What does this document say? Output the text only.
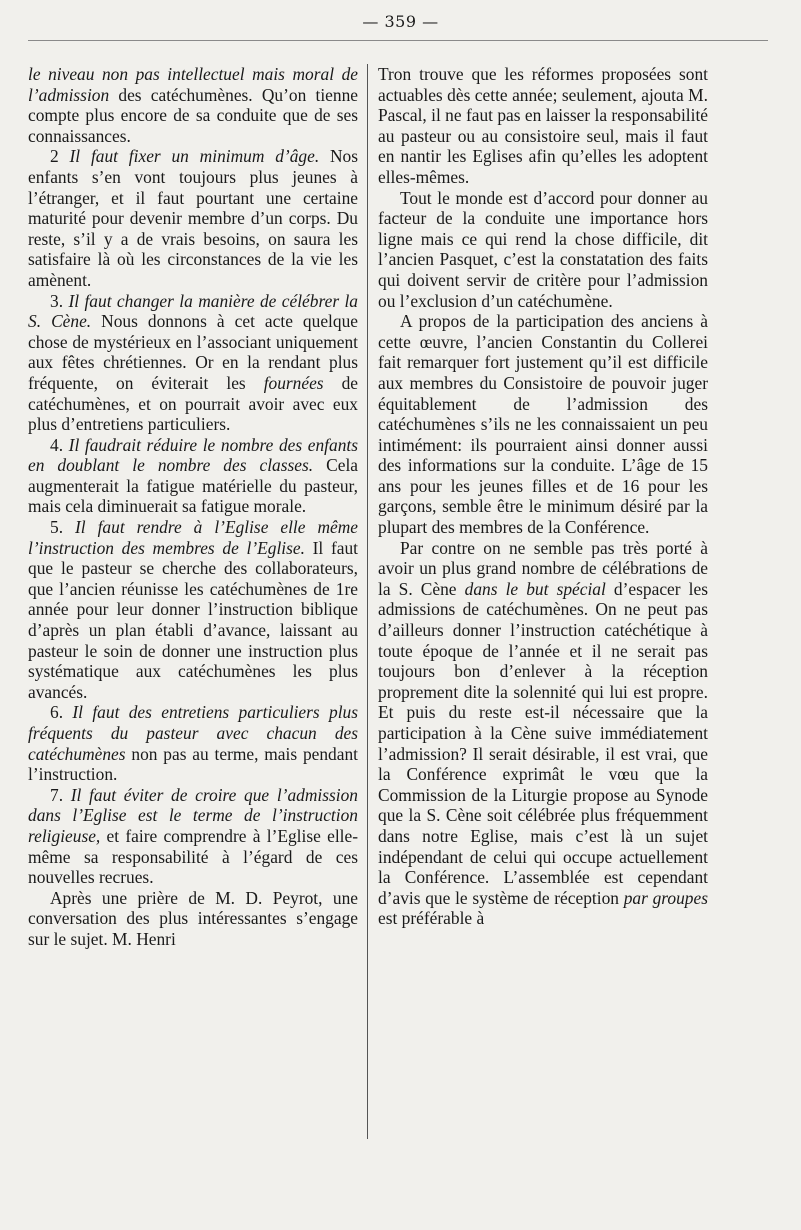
— 359 —

le niveau non pas intellectuel mais moral de l’admission des catéchumènes. Qu’on tienne compte plus encore de sa conduite que de ses connaissances.

2 Il faut fixer un minimum d’âge. Nos enfants s’en vont toujours plus jeunes à l’étranger, et il faut pourtant une certaine maturité pour devenir membre d’un corps. Du reste, s’il y a de vrais besoins, on saura les satisfaire là où les circonstances de la vie les amènent.

3. Il faut changer la manière de célébrer la S. Cène. Nous donnons à cet acte quelque chose de mystérieux en l’associant uniquement aux fêtes chrétiennes. Or en la rendant plus fréquente, on éviterait les fournées de catéchumènes, et on pourrait avoir avec eux plus d’entretiens particuliers.

4. Il faudrait réduire le nombre des enfants en doublant le nombre des classes. Cela augmenterait la fatigue matérielle du pasteur, mais cela diminuerait sa fatigue morale.

5. Il faut rendre à l’Eglise elle même l’instruction des membres de l’Eglise. Il faut que le pasteur se cherche des collaborateurs, que l’ancien réunisse les catéchumènes de 1re année pour leur donner l’instruction biblique d’après un plan établi d’avance, laissant au pasteur le soin de donner une instruction plus systématique aux catéchumènes les plus avancés.

6. Il faut des entretiens particuliers plus fréquents du pasteur avec chacun des catéchumènes non pas au terme, mais pendant l’instruction.

7. Il faut éviter de croire que l’admission dans l’Eglise est le terme de l’instruction religieuse, et faire comprendre à l’Eglise elle-même sa responsabilité à l’égard de ces nouvelles recrues.

Après une prière de M. D. Peyrot, une conversation des plus intéressantes s’engage sur le sujet. M. Henri

Tron trouve que les réformes proposées sont actuables dès cette année; seulement, ajouta M. Pascal, il ne faut pas en laisser la responsabilité au pasteur ou au consistoire seul, mais il faut en nantir les Eglises afin qu’elles les adoptent elles-mêmes.

Tout le monde est d’accord pour donner au facteur de la conduite une importance hors ligne mais ce qui rend la chose difficile, dit l’ancien Pasquet, c’est la constatation des faits qui doivent servir de critère pour l’admission ou l’exclusion d’un catéchumène.

A propos de la participation des anciens à cette œuvre, l’ancien Constantin du Collerei fait remarquer fort justement qu’il est difficile aux membres du Consistoire de pouvoir juger équitablement de l’admission des catéchumènes s’ils ne les connaissaient un peu intimément: ils pourraient ainsi donner aussi des informations sur la conduite. L’âge de 15 ans pour les jeunes filles et de 16 pour les garçons, semble être le minimum désiré par la plupart des membres de la Conférence.

Par contre on ne semble pas très porté à avoir un plus grand nombre de célébrations de la S. Cène dans le but spécial d’espacer les admissions de catéchumènes. On ne peut pas d’ailleurs donner l’instruction catéchétique à toute époque de l’année et il ne serait pas toujours bon d’enlever à la réception proprement dite la solennité qui lui est propre. Et puis du reste est-il nécessaire que la participation à la Cène suive immédiatement l’admission? Il serait désirable, il est vrai, que la Conférence exprimât le vœu que la Commission de la Liturgie propose au Synode que la S. Cène soit célébrée plus fréquemment dans notre Eglise, mais c’est là un sujet indépendant de celui qui occupe actuellement la Conférence. L’assemblée est cependant d’avis que le système de réception par groupes est préférable à
